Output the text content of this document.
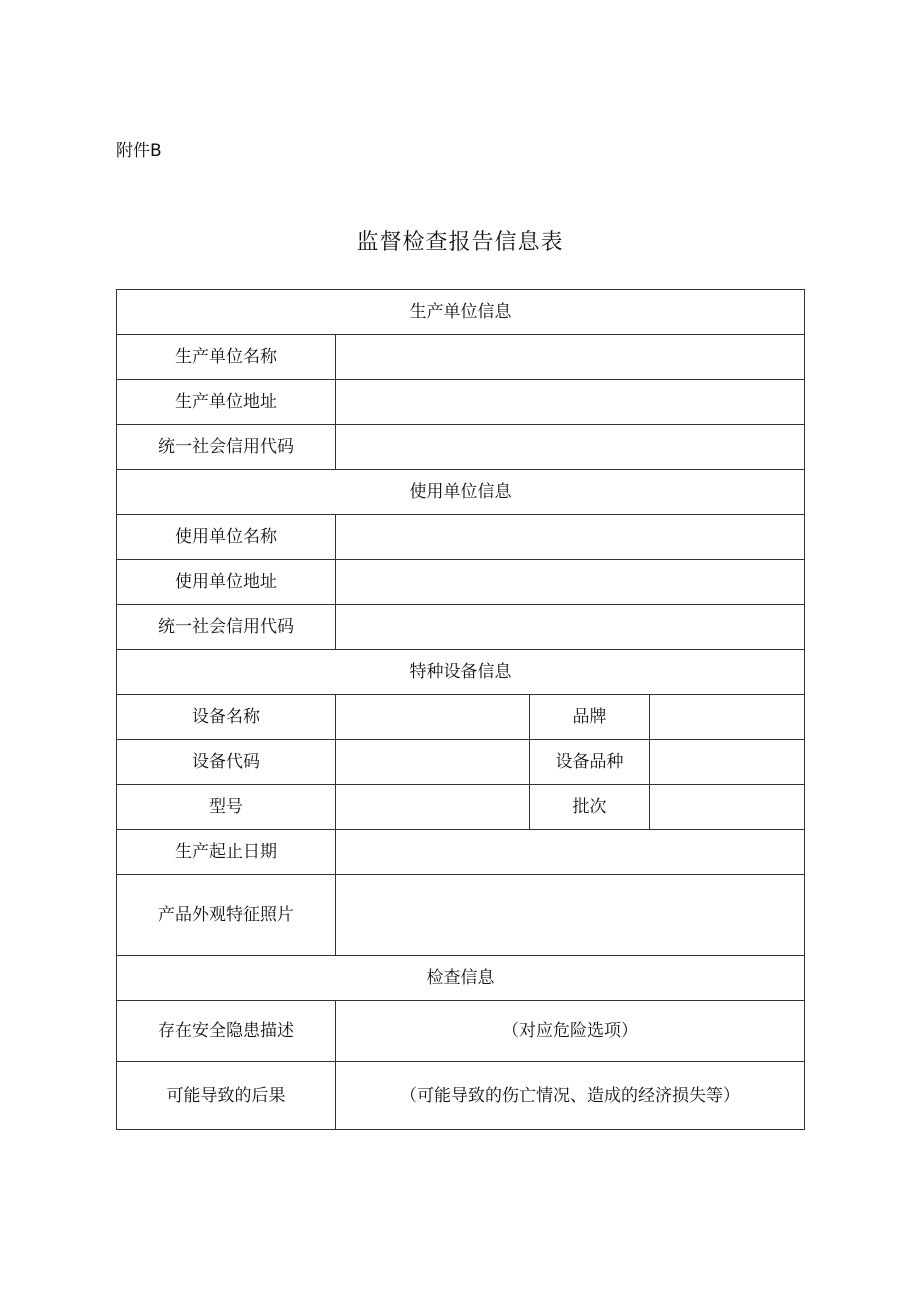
附件B
监督检查报告信息表
生产单位信息			
生产单位名称			
生产单位地址			
统一社会信用代码			
使用单位信息			
使用单位名称			
使用单位地址			
统一社会信用代码			
特种设备信息			
设备名称		品牌	
设备代码		设备品种	
型号		批次	
生产起止日期			
产品外观特征照片			
检查信息			
存在安全隐患描述	（对应危险选项）		
可能导致的后果	（可能导致的伤亡情况、造成的经济损失等）		
